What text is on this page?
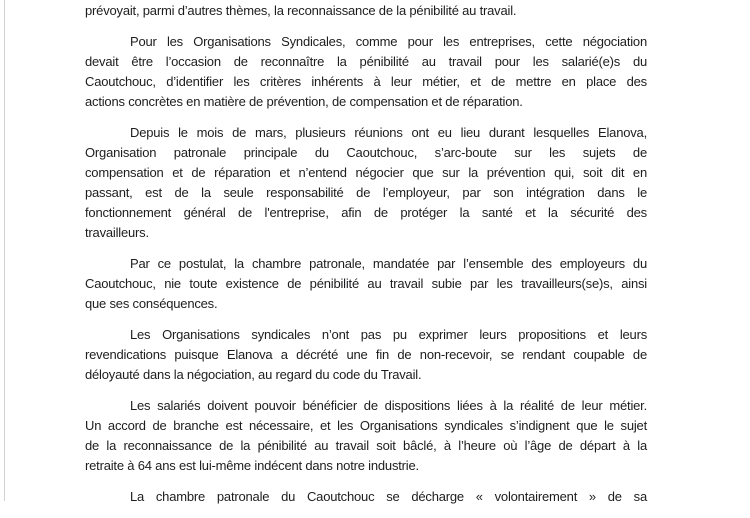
prévoyait, parmi d’autres thèmes, la reconnaissance de la pénibilité au travail.
Pour les Organisations Syndicales, comme pour les entreprises, cette négociation
devait être l’occasion de reconnaître la pénibilité au travail pour les salarié(e)s du
Caoutchouc, d’identifier les critères inhérents à leur métier, et de mettre en place des
actions concrètes en matière de prévention, de compensation et de réparation.
Depuis le mois de mars, plusieurs réunions ont eu lieu durant lesquelles Elanova,
Organisation patronale principale du Caoutchouc, s’arc-boute sur les sujets de
compensation et de réparation et n’entend négocier que sur la prévention qui, soit dit en
passant, est de la seule responsabilité de l’employeur, par son intégration dans le
fonctionnement général de l'entreprise, afin de protéger la santé et la sécurité des
travailleurs.
Par ce postulat, la chambre patronale, mandatée par l’ensemble des employeurs du
Caoutchouc, nie toute existence de pénibilité au travail subie par les travailleurs(se)s, ainsi
que ses conséquences.
Les Organisations syndicales n’ont pas pu exprimer leurs propositions et leurs
revendications puisque Elanova a décrété une fin de non-recevoir, se rendant coupable de
déloyauté dans la négociation, au regard du code du Travail.
Les salariés doivent pouvoir bénéficier de dispositions liées à la réalité de leur métier.
Un accord de branche est nécessaire, et les Organisations syndicales s’indignent que le sujet
de la reconnaissance de la pénibilité au travail soit bâclé, à l’heure où l’âge de départ à la
retraite à 64 ans est lui-même indécent dans notre industrie.
La chambre patronale du Caoutchouc se décharge « volontairement » de sa
